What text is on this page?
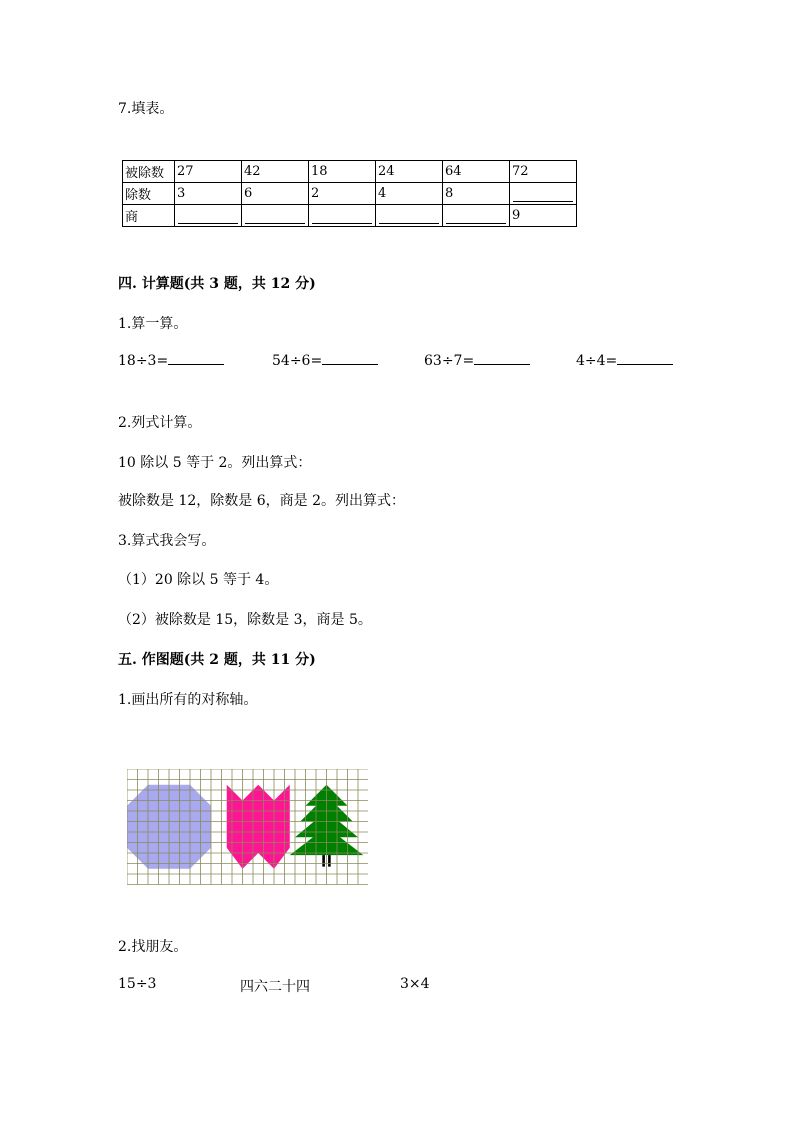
7.填表。
被除数	27	42	18	24	64	72
除数	3	6	2	4	8	

商						9
四. 计算题(共 3 题，共 12 分)
1.算一算。
18÷3=	54÷6=	63÷7=	4÷4=
2.列式计算。
10 除以 5 等于 2。列出算式：
被除数是 12，除数是 6，商是 2。列出算式：
3.算式我会写。
（1）20 除以 5 等于 4。
（2）被除数是 15，除数是 3，商是 5。
五. 作图题(共 2 题，共 11 分)
1.画出所有的对称轴。
2.找朋友。
15÷3	四六二十四	3×4
